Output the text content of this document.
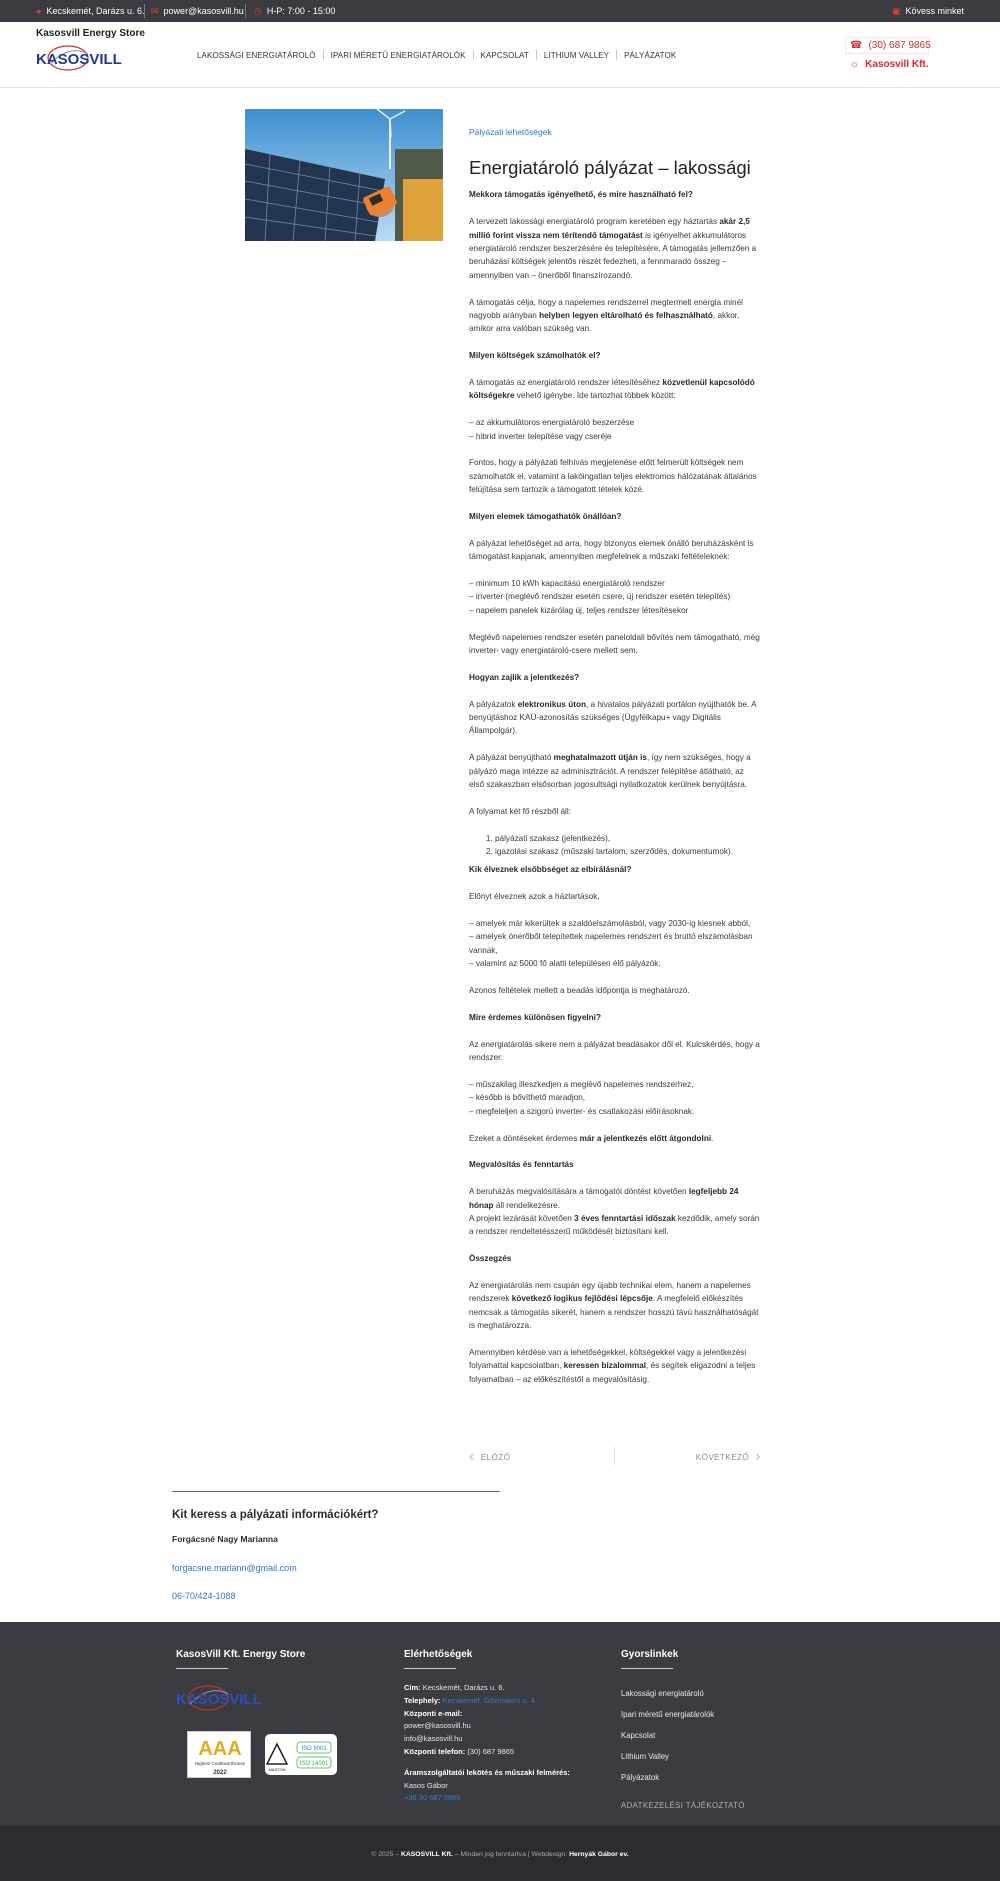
● Kecskemét, Darázs u. 6. ✉ power@kasosvill.hu ◷ H-P: 7:00 - 15:00	▣ Kövess minket
Kasosvill Energy Store
KASOSVILL	LAKOSSÁGI ENERGIATÁROLÓ	IPARI MÉRETŰ ENERGIATÁROLÓK	KAPCSOLAT	LITHIUM VALLEY	PÁLYÁZATOK
☎ (30) 687 9865
☼ Kasosvill Kft.
Pályázati lehetőségek
Energiatároló pályázat – lakossági

Mekkora támogatás igényelhető, és mire használható fel?

A tervezett lakossági energiatároló program keretében egy háztartás akár 2,5 millió forint vissza nem térítendő támogatást is igényelhet akkumulátoros energiatároló rendszer beszerzésére és telepítésére. A támogatás jellemzően a beruházási költségek jelentős részét fedezheti, a fennmaradó összeg – amennyiben van – önerőből finanszírozandó.

A támogatás célja, hogy a napelemes rendszerrel megtermelt energia minél nagyobb arányban helyben legyen eltárolható és felhasználható, akkor, amikor arra valóban szükség van.

Milyen költségek számolhatók el?

A támogatás az energiatároló rendszer létesítéséhez közvetlenül kapcsolódó költségekre vehető igénybe. Ide tartozhat többek között:

– az akkumulátoros energiatároló beszerzése
– hibrid inverter telepítése vagy cseréje

Fontos, hogy a pályázati felhívás megjelenése előtt felmerült költségek nem számolhatók el, valamint a lakóingatlan teljes elektromos hálózatának általános felújítása sem tartozik a támogatott tételek közé.

Milyen elemek támogathatók önállóan?

A pályázat lehetőséget ad arra, hogy bizonyos elemek önálló beruházásként is támogatást kapjanak, amennyiben megfelelnek a műszaki feltételeknek:

– minimum 10 kWh kapacitású energiatároló rendszer
– inverter (meglévő rendszer esetén csere, új rendszer esetén telepítés)
– napelem panelek kizárólag új, teljes rendszer létesítésekor

Meglévő napelemes rendszer esetén paneloldali bővítés nem támogatható, még inverter- vagy energiatároló-csere mellett sem.

Hogyan zajlik a jelentkezés?

A pályázatok elektronikus úton, a hivatalos pályázati portálon nyújthatók be. A benyújtáshoz KAÜ-azonosítás szükséges (Ügyfélkapu+ vagy Digitális Állampolgár).

A pályázat benyújtható meghatalmazott útján is, így nem szükséges, hogy a pályázó maga intézze az adminisztrációt. A rendszer felépítése átlátható, az első szakaszban elsősorban jogosultsági nyilatkozatok kerülnek benyújtásra.

A folyamat két fő részből áll:

1. pályázati szakasz (jelentkezés),
2. igazolási szakasz (műszaki tartalom, szerződés, dokumentumok).

Kik élveznek elsőbbséget az elbírálásnál?

Előnyt élveznek azok a háztartások,

– amelyek már kikerültek a szaldóelszámolásból, vagy 2030-ig kiesnek abból,
– amelyek önerőből telepítettek napelemes rendszert és bruttó elszámolásban vannak,
– valamint az 5000 fő alatti településen élő pályázók.

Azonos feltételek mellett a beadás időpontja is meghatározó.

Mire érdemes különösen figyelni?

Az energiatárolás sikere nem a pályázat beadásakor dől el. Kulcskérdés, hogy a rendszer:

– műszakilag illeszkedjen a meglévő napelemes rendszerhez,
– később is bővíthető maradjon,
– megfeleljen a szigorú inverter- és csatlakozási előírásoknak.

Ezeket a döntéseket érdemes már a jelentkezés előtt átgondolni.

Megvalósítás és fenntartás

A beruházás megvalósítására a támogatói döntést követően legfeljebb 24 hónap áll rendelkezésre.
A projekt lezárását követően 3 éves fenntartási időszak kezdődik, amely során a rendszer rendeltetésszerű működését biztosítani kell.

Összegzés

Az energiatárolás nem csupán egy újabb technikai elem, hanem a napelemes rendszerek következő logikus fejlődési lépcsője. A megfelelő előkészítés nemcsak a támogatás sikerét, hanem a rendszer hosszú távú használhatóságát is meghatározza.

Amennyiben kérdése van a lehetőségekkel, költségekkel vagy a jelentkezési folyamattal kapcsolatban, keressen bizalommal, és segítek eligazodni a teljes folyamatban – az előkészítéstől a megvalósításig.

‹ ELŐZŐ	KÖVETKEZŐ ›
Kit keress a pályázati információkért?
Forgácsné Nagy Marianna
forgacsne.mariann@gmail.com
06-70/424-1088
KasosVill Kft. Energy Store
KASOSVILL
AAA
Highest Creditworthiness
2022
MASTON
ISO 9001
ISO 14001
Elérhetőségek
Cím: Kecskemét, Darázs u. 6.
Telephely: Kecskemét, Gőzmalom u. 4.
Központi e-mail:
power@kasosvill.hu
info@kasosvill.hu
Központi telefon: (30) 687 9865
Áramszolgáltatói lekötés és műszaki felmérés:
Kasos Gábor
+36 30 687 9866
Gyorslinkek
Lakossági energiatároló
Ipari méretű energiatárolók
Kapcsolat
Lithium Valley
Pályázatok
ADATKEZELÉSI TÁJÉKOZTATÓ
© 2025 – KASOSVILL Kft. – Minden jog fenntartva | Webdesign: Hernyák Gábor ev.
